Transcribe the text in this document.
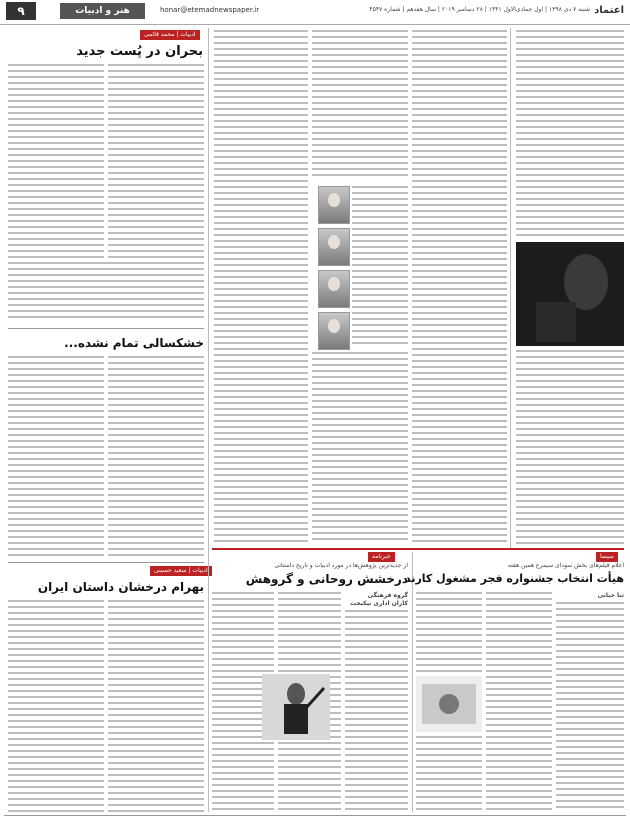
اعتماد
شنبه ۷ دی ۱۳۹۸ | اول جمادی‌الاول ۱۴۴۱ | ۲۸ دسامبر ۲۰۱۹ | سال هفدهم | شماره ۴۵۴۷
honar@etemadnewspaper.ir
هنر و ادبیات
۹
ادبیات | محمد قائمی
بحران در پُست جدید
خشکسالی تمام نشده...
ادبیات | سعید حسینی
بهرام درخشان داستان ایران
خبرنامه
از جدیدترین پژوهش‌ها در مورد ادبیات و تاریخ داستانی
درخشش روحانی و گروهش
گروه فرهنگی
کاران اداری نیکبخت
سینما
اعلام فیلم‌های بخش سودای سیمرغ همین هفته
هیأت انتخاب جشنواره فجر مشغول کارند
ثنا حبانی
